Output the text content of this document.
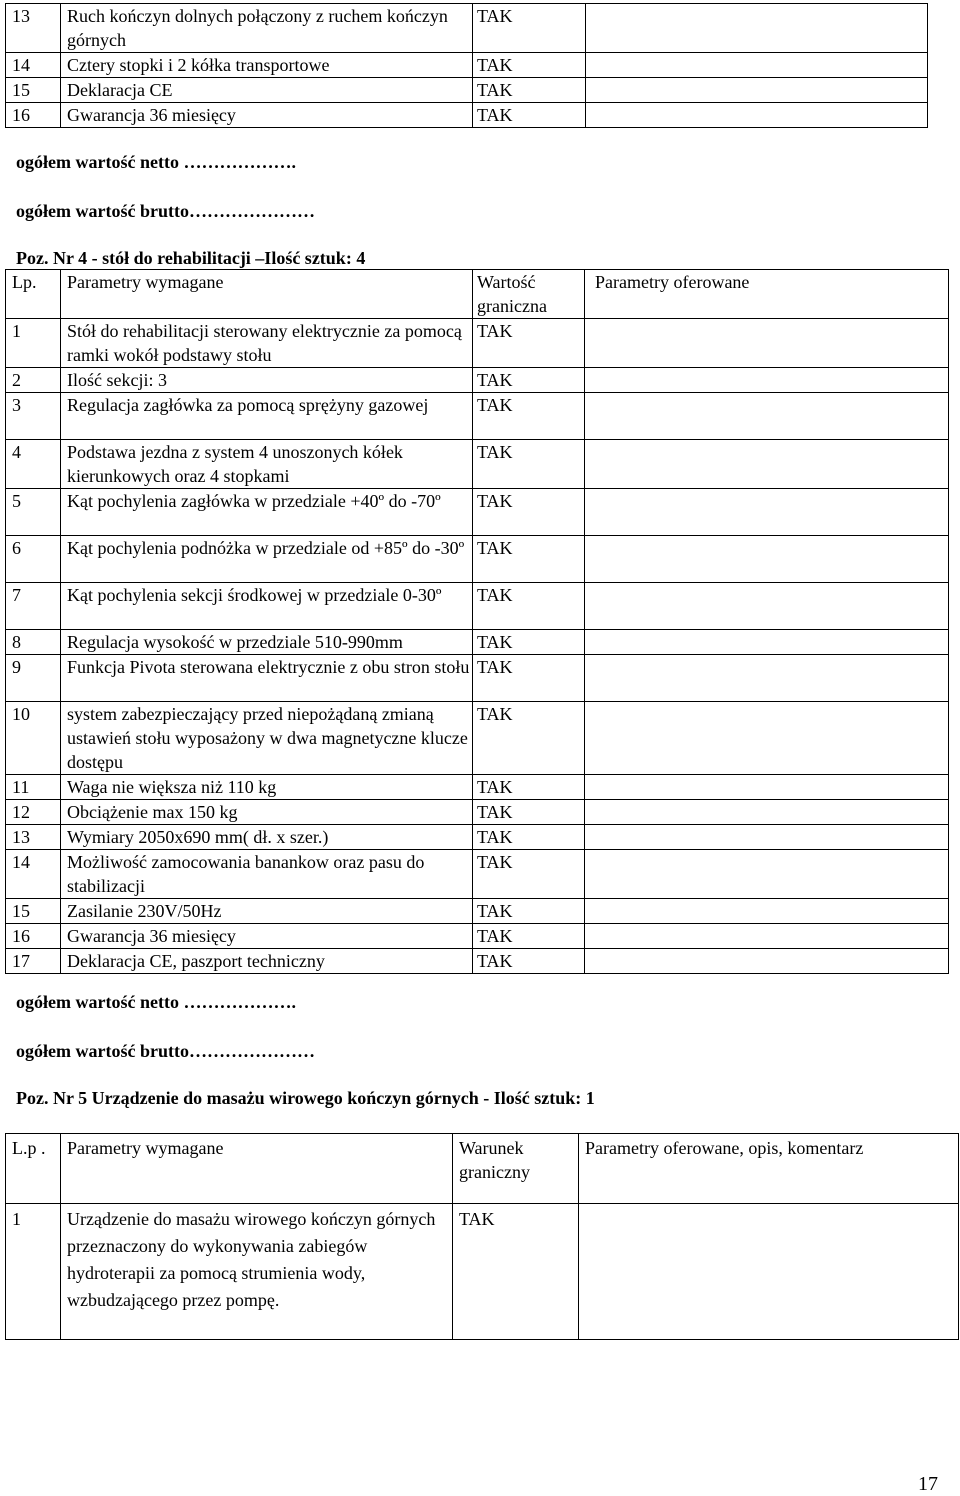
13	Ruch kończyn dolnych połączony z ruchem kończyn górnych	TAK	
14	Cztery stopki i 2 kółka transportowe	TAK	
15	Deklaracja CE	TAK	
16	Gwarancja 36 miesięcy	TAK	
ogółem wartość netto ……………….
ogółem wartość brutto…………………
Poz. Nr 4 - stół do rehabilitacji –Ilość sztuk: 4
Lp.	Parametry wymagane	Wartość graniczna	Parametry oferowane
1	Stół do rehabilitacji sterowany elektrycznie za pomocą ramki wokół podstawy stołu	TAK	
2	Ilość sekcji: 3	TAK	
3	Regulacja zagłówka za pomocą sprężyny gazowej	TAK	
4	Podstawa jezdna z system 4 unoszonych kółek kierunkowych oraz 4 stopkami	TAK	
5	Kąt pochylenia zagłówka w przedziale +40º do -70º	TAK	
6	Kąt pochylenia podnóżka w przedziale od +85º do -30º	TAK	
7	Kąt pochylenia sekcji środkowej w przedziale 0-30º	TAK	
8	Regulacja wysokość w przedziale 510-990mm	TAK	
9	Funkcja Pivota sterowana elektrycznie z obu stron stołu	TAK	
10	system zabezpieczający przed niepożądaną zmianą ustawień stołu wyposażony w dwa magnetyczne klucze dostępu	TAK	
11	Waga nie większa niż 110 kg	TAK	
12	Obciążenie max 150 kg	TAK	
13	Wymiary 2050x690 mm( dł. x szer.)	TAK	
14	Możliwość zamocowania banankow oraz pasu do stabilizacji	TAK	
15	Zasilanie 230V/50Hz	TAK	
16	Gwarancja 36 miesięcy	TAK	
17	Deklaracja CE, paszport techniczny	TAK	
ogółem wartość netto ……………….
ogółem wartość brutto…………………
Poz. Nr 5 Urządzenie do masażu wirowego kończyn górnych - Ilość sztuk: 1
L.p .	Parametry wymagane	Warunek graniczny	Parametry oferowane, opis, komentarz
1	Urządzenie do masażu wirowego kończyn górnych przeznaczony do wykonywania zabiegów hydroterapii za pomocą strumienia wody, wzbudzającego przez pompę.	TAK	
17
